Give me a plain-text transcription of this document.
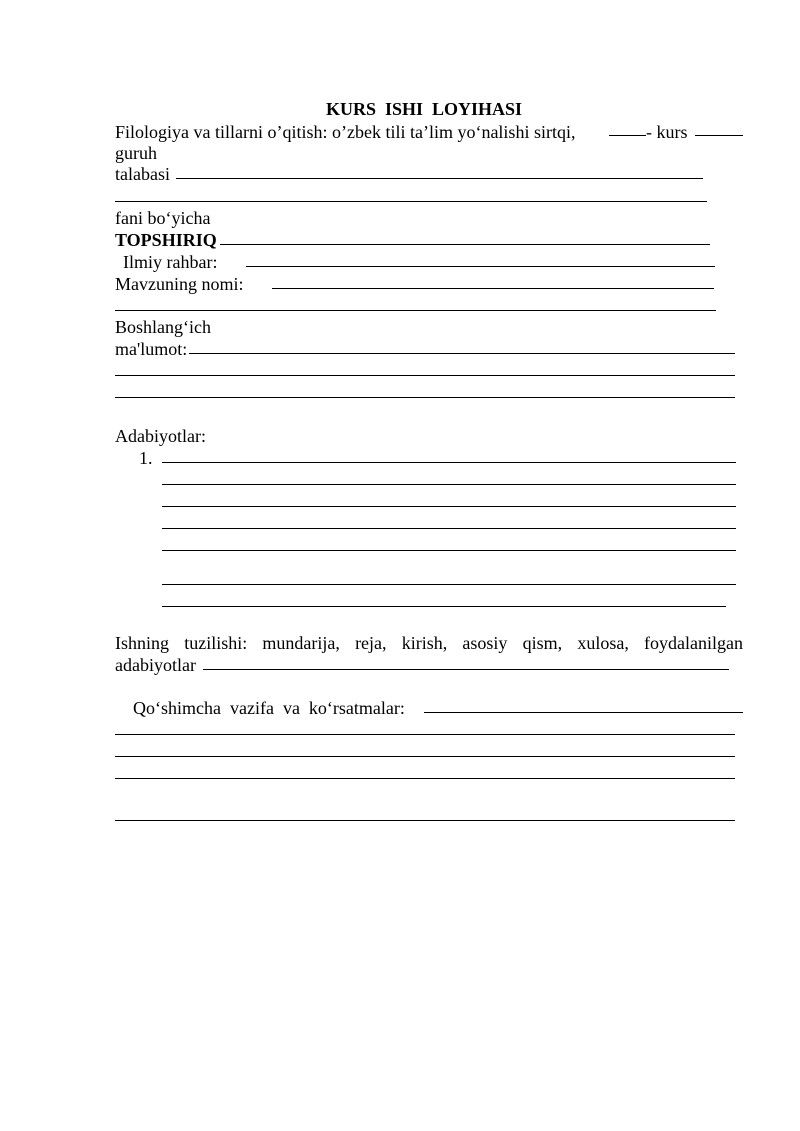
KURS  ISHI  LOYIHASI
Filologiya va tillarni o’qitish: o’zbek tili ta’lim yo‘nalishi sirtqi,	- kurs
guruh
talabasi
fani bo‘yicha
TOPSHIRIQ
Ilmiy rahbar:
Mavzuning nomi:
Boshlang‘ich
ma'lumot:
Adabiyotlar:
1.
Ishning tuzilishi: mundarija, reja, kirish, asosiy qism, xulosa, foydalanilgan
adabiyotlar
Qo‘shimcha  vazifa  va  ko‘rsatmalar:
